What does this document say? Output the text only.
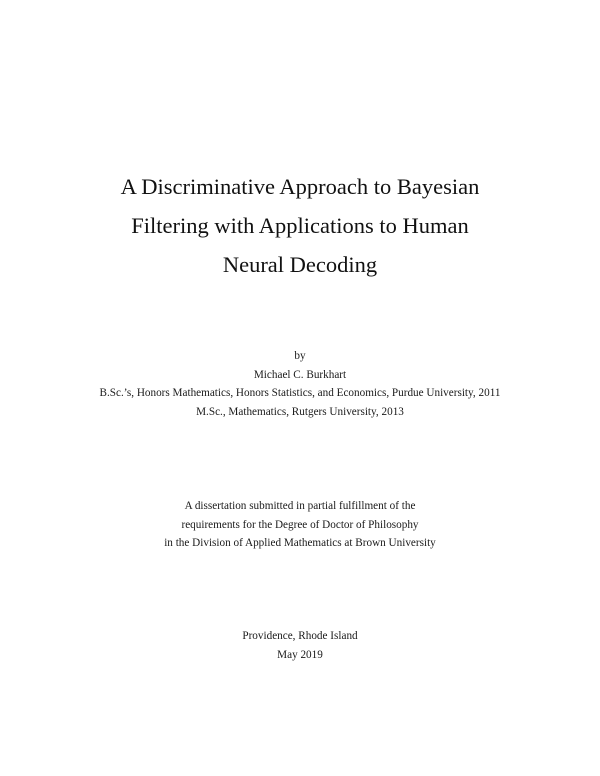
A Discriminative Approach to Bayesian
Filtering with Applications to Human
Neural Decoding
by
Michael C. Burkhart
B.Sc.’s, Honors Mathematics, Honors Statistics, and Economics, Purdue University, 2011
M.Sc., Mathematics, Rutgers University, 2013
A dissertation submitted in partial fulfillment of the
requirements for the Degree of Doctor of Philosophy
in the Division of Applied Mathematics at Brown University
Providence, Rhode Island
May 2019
